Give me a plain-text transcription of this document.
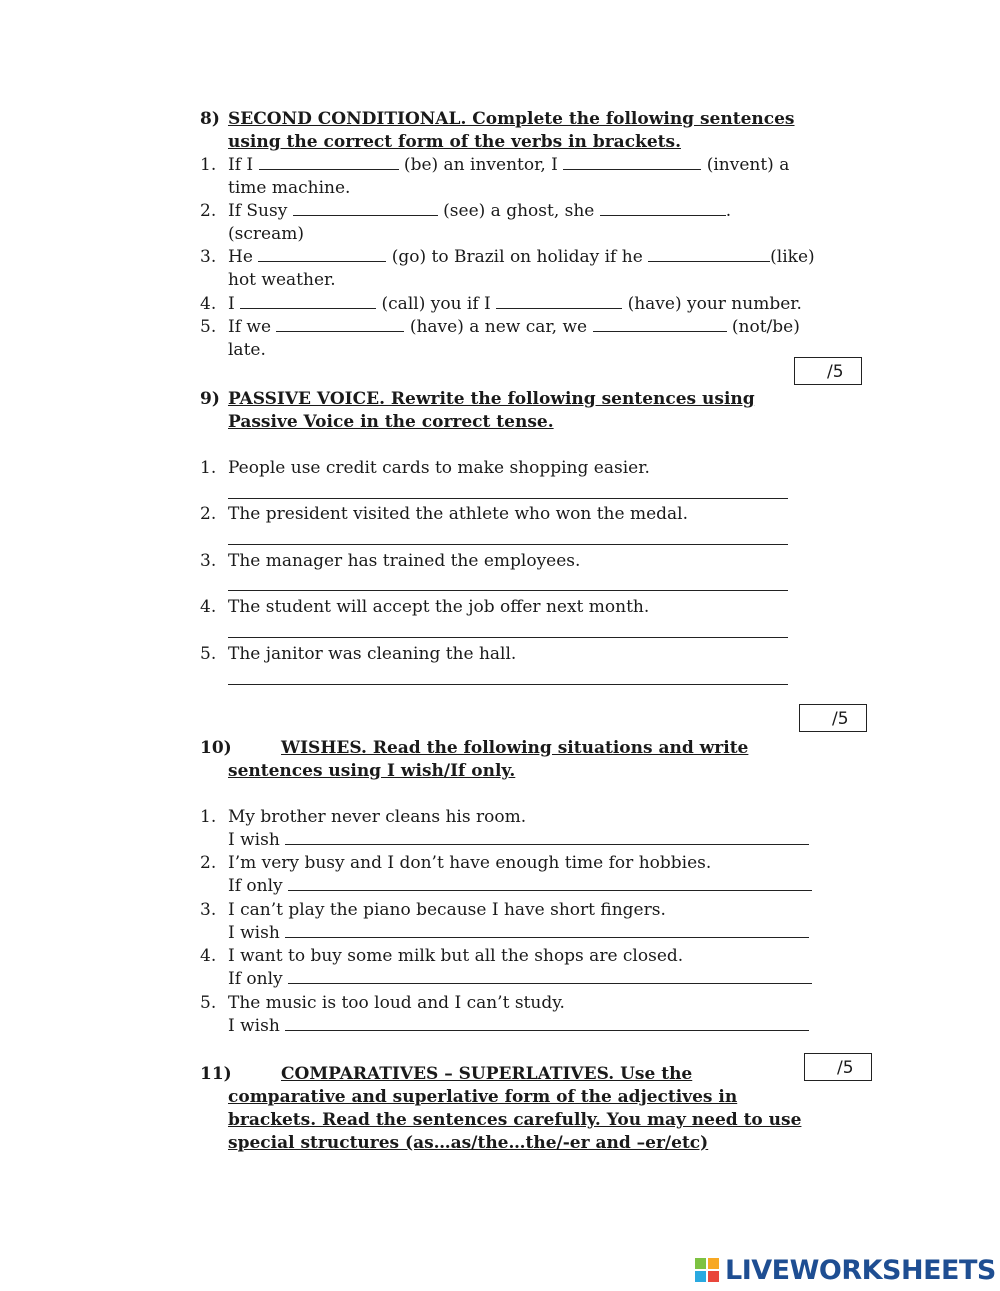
8) SECOND CONDITIONAL. Complete the following sentences
using the correct form of the verbs in brackets.
1. If I	(be) an inventor, I	(invent) a
time machine.
2. If Susy	(see) a ghost, she	.
(scream)
3. He	(go) to Brazil on holiday if he	(like)
hot weather.
4. I	(call) you if I	(have) your number.
5. If we	(have) a new car, we	(not/be)
late.
/5
9) PASSIVE VOICE. Rewrite the following sentences using
Passive Voice in the correct tense.
1. People use credit cards to make shopping easier.
2. The president visited the athlete who won the medal.
3. The manager has trained the employees.
4. The student will accept the job offer next month.
5. The janitor was cleaning the hall.
/5
10)	WISHES. Read the following situations and write
sentences using I wish/If only.
1. My brother never cleans his room.
I wish
2. I’m very busy and I don’t have enough time for hobbies.
If only
3. I can’t play the piano because I have short fingers.
I wish
4. I want to buy some milk but all the shops are closed.
If only
5. The music is too loud and I can’t study.
I wish
/5
11)	COMPARATIVES – SUPERLATIVES. Use the
comparative and superlative form of the adjectives in
brackets. Read the sentences carefully. You may need to use
special structures (as…as/the…the/-er and –er/etc)
LIVEWORKSHEETS
